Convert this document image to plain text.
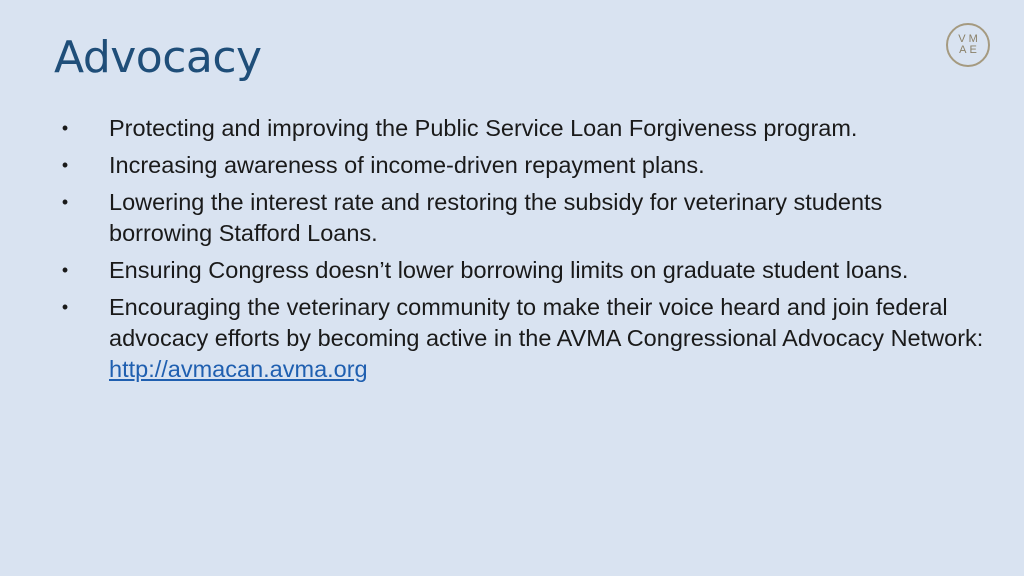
Advocacy	VM
AE
• Protecting and improving the Public Service Loan Forgiveness program.
• Increasing awareness of income-driven repayment plans.
• Lowering the interest rate and restoring the subsidy for veterinary students borrowing Stafford Loans.
• Ensuring Congress doesn’t lower borrowing limits on graduate student loans.
• Encouraging the veterinary community to make their voice heard and join federal advocacy efforts by becoming active in the AVMA Congressional Advocacy Network: http://avmacan.avma.org
